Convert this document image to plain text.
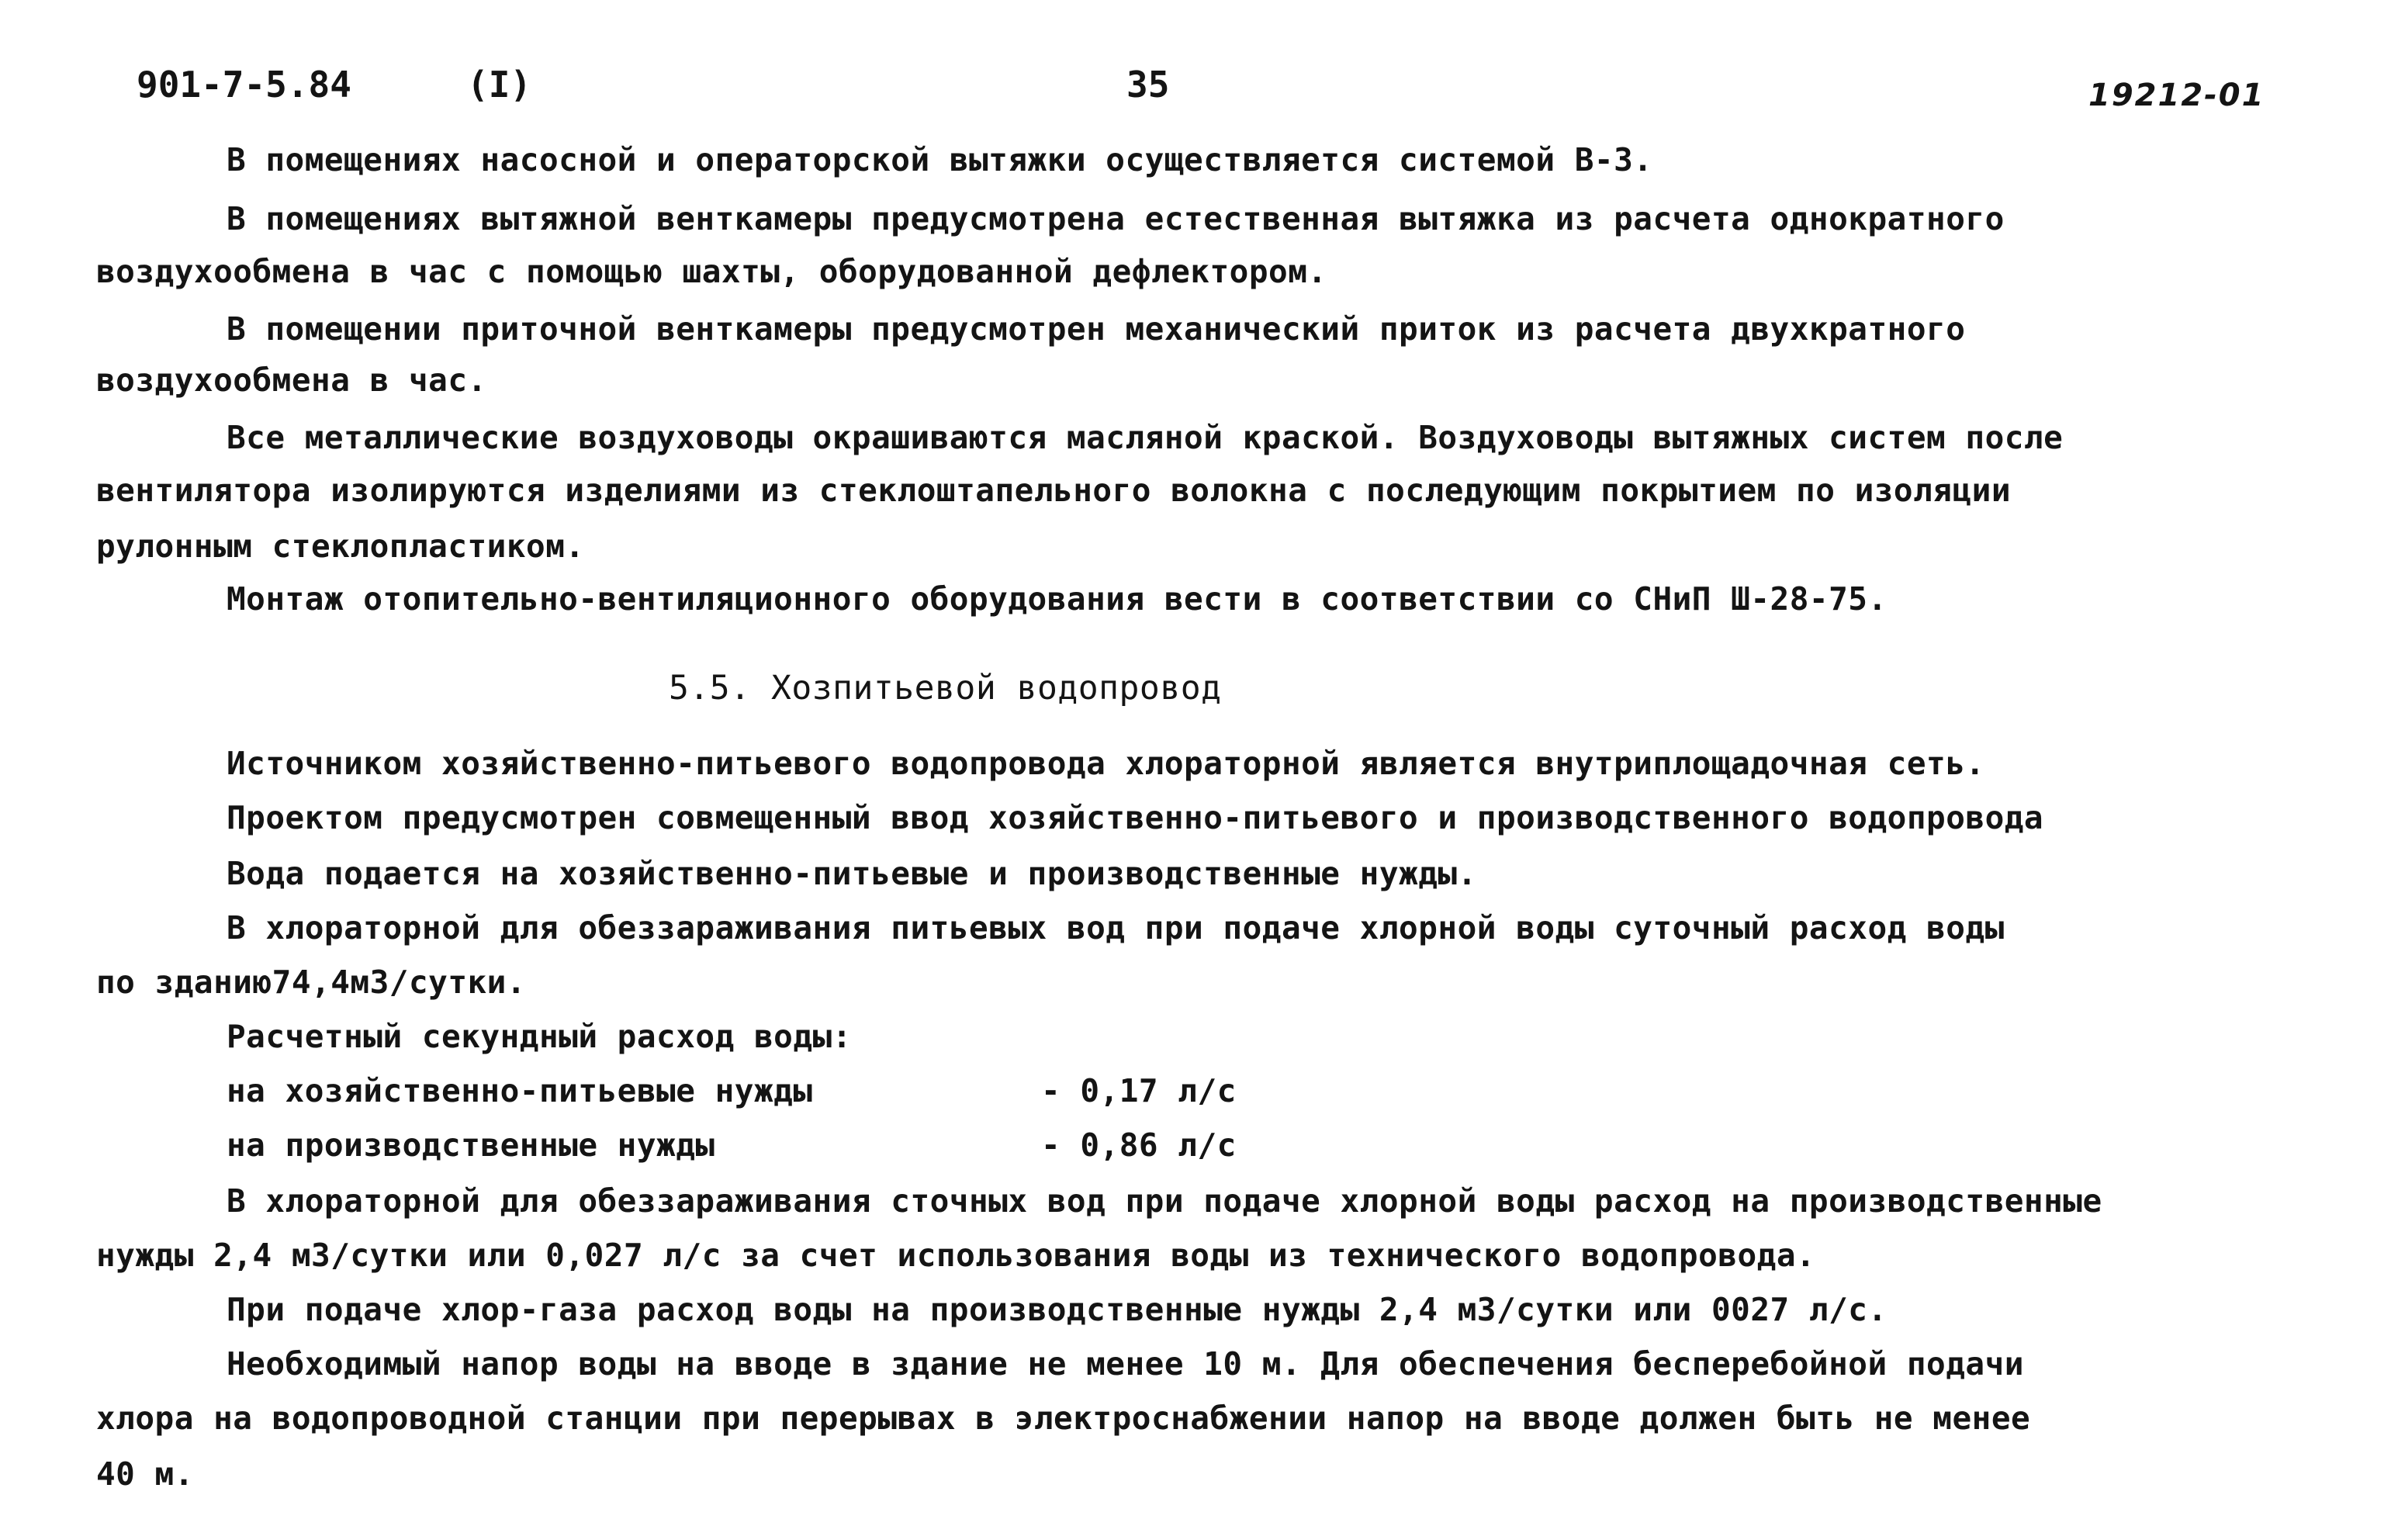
901-7-5.84	(I)	35	19212-01
В помещениях насосной и операторской вытяжки осуществляется системой В-3.
В помещениях вытяжной венткамеры предусмотрена естественная вытяжка из расчета однократного
воздухообмена в час с помощью шахты, оборудованной дефлектором.
В помещении приточной венткамеры предусмотрен механический приток из расчета двухкратного
воздухообмена в час.
Все металлические воздуховоды окрашиваются масляной краской. Воздуховоды вытяжных систем после
вентилятора изолируются изделиями из стеклоштапельного волокна с последующим покрытием по изоляции
рулонным стеклопластиком.
Монтаж отопительно-вентиляционного оборудования вести в соответствии со СНиП Ш-28-75.
5.5. Хозпитьевой водопровод
Источником хозяйственно-питьевого водопровода хлораторной является внутриплощадочная сеть.
Проектом предусмотрен совмещенный ввод хозяйственно-питьевого и производственного водопровода
Вода подается на хозяйственно-питьевые и производственные нужды.
В хлораторной для обеззараживания питьевых вод при подаче хлорной воды суточный расход воды
по зданию74,4м3/сутки.
Расчетный секундный расход воды:
на хозяйственно-питьевые нужды	- 0,17 л/с
на производственные нужды	- 0,86 л/с
В хлораторной для обеззараживания сточных вод при подаче хлорной воды расход на производственные
нужды 2,4 м3/сутки или 0,027 л/с за счет использования воды из технического водопровода.
При подаче хлор-газа расход воды на производственные нужды 2,4 м3/сутки или 0027 л/с.
Необходимый напор воды на вводе в здание не менее 10 м. Для обеспечения бесперебойной подачи
хлора на водопроводной станции при перерывах в электроснабжении напор на вводе должен быть не менее
40 м.
